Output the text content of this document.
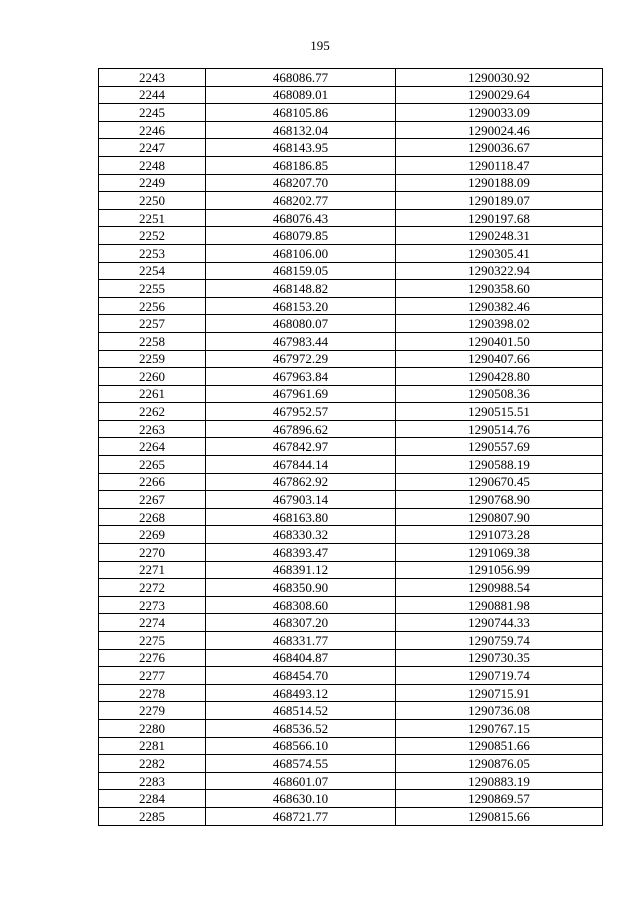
195
2243	468086.77	1290030.92
2244	468089.01	1290029.64
2245	468105.86	1290033.09
2246	468132.04	1290024.46
2247	468143.95	1290036.67
2248	468186.85	1290118.47
2249	468207.70	1290188.09
2250	468202.77	1290189.07
2251	468076.43	1290197.68
2252	468079.85	1290248.31
2253	468106.00	1290305.41
2254	468159.05	1290322.94
2255	468148.82	1290358.60
2256	468153.20	1290382.46
2257	468080.07	1290398.02
2258	467983.44	1290401.50
2259	467972.29	1290407.66
2260	467963.84	1290428.80
2261	467961.69	1290508.36
2262	467952.57	1290515.51
2263	467896.62	1290514.76
2264	467842.97	1290557.69
2265	467844.14	1290588.19
2266	467862.92	1290670.45
2267	467903.14	1290768.90
2268	468163.80	1290807.90
2269	468330.32	1291073.28
2270	468393.47	1291069.38
2271	468391.12	1291056.99
2272	468350.90	1290988.54
2273	468308.60	1290881.98
2274	468307.20	1290744.33
2275	468331.77	1290759.74
2276	468404.87	1290730.35
2277	468454.70	1290719.74
2278	468493.12	1290715.91
2279	468514.52	1290736.08
2280	468536.52	1290767.15
2281	468566.10	1290851.66
2282	468574.55	1290876.05
2283	468601.07	1290883.19
2284	468630.10	1290869.57
2285	468721.77	1290815.66
